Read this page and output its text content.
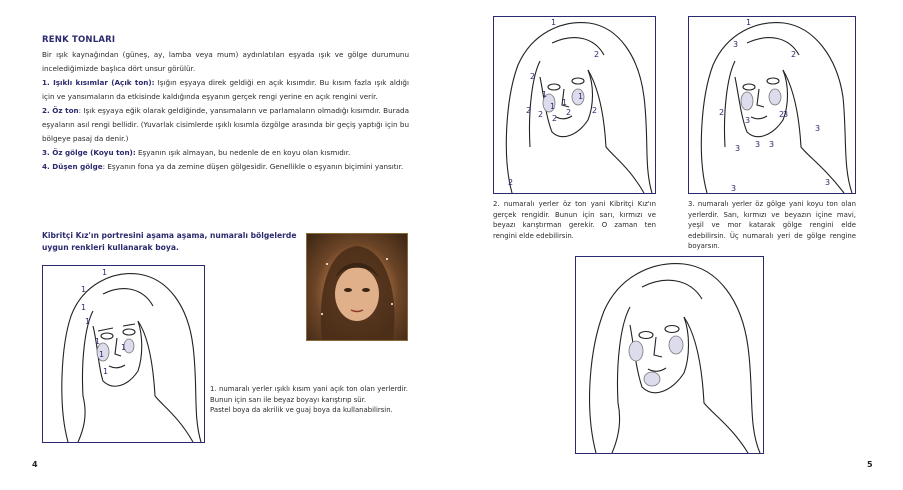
RENK TONLARI

Bir ışık kaynağından (güneş, ay, lamba veya mum) aydınlatılan eşyada ışık ve gölge durumunu incelediğimizde başlıca dört unsur görülür.

1. Işıklı kısımlar (Açık ton): Işığın eşyaya direk geldiği en açık kısımdır. Bu kısım fazla ışık aldığı için ve yansımaların da etkisinde kaldığında eşyanın gerçek rengi yerine en açık rengini verir.

2. Öz ton: Işık eşyaya eğik olarak geldiğinde, yansımaların ve parlamaların olmadığı kısımdır. Burada eşyaların asıl rengi bellidir. (Yuvarlak cisimlerde ışıklı kısımla özgölge arasında bir geçiş yaptığı için bu bölgeye pasaj da denir.)

3. Öz gölge (Koyu ton): Eşyanın ışık almayan, bu nedenle de en koyu olan kısmıdır.

4. Düşen gölge: Eşyanın fona ya da zemine düşen gölgesidir. Genellikle o eşyanın biçimini yansıtır.

Kibritçi Kız'ın portresini aşama aşama, numaralı bölgelerde uygun renkleri kullanarak boya.
1
1
1
1
1
1
1
1
1. numaralı yerler ışıklı kısım yani açık ton olan yerlerdir. Bunun için sarı ile beyaz boyayı karıştırıp sür.
Pastel boya da akrilik ve guaj boya da kullanabilirsin.
4
1
2
2
2 2 2
2
1
1 1
1
2
2
2. numaralı yerler öz ton yani Kibritçi Kız'ın gerçek rengidir. Bunun için sarı, kırmızı ve beyazı karıştırman gerekir. O zaman ten rengini elde edebilirsin.
1
3
2
2	2
3
3
3
3 3
3
3
3
3. numaralı yerler öz gölge yani koyu ton olan yerlerdir. Sarı, kırmızı ve beyazın içine mavi, yeşil ve mor katarak gölge rengini elde edebilirsin. Üç numaralı yeri de gölge rengine boyarsın.
5
